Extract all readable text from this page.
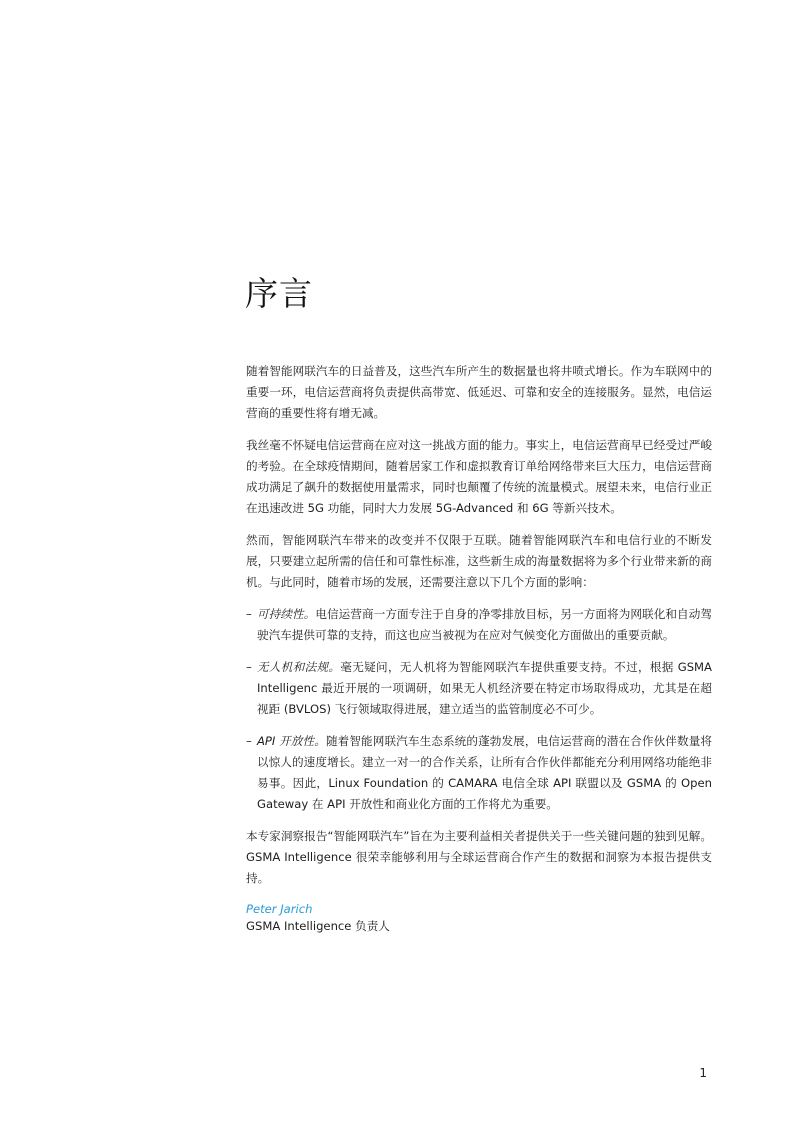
序言

随着智能网联汽车的日益普及，这些汽车所产生的数据量也将井喷式增长。作为车联网中的重要一环，电信运营商将负责提供高带宽、低延迟、可靠和安全的连接服务。显然，电信运营商的重要性将有增无减。

我丝毫不怀疑电信运营商在应对这一挑战方面的能力。事实上，电信运营商早已经受过严峻的考验。在全球疫情期间，随着居家工作和虚拟教育订单给网络带来巨大压力，电信运营商成功满足了飙升的数据使用量需求，同时也颠覆了传统的流量模式。展望未来，电信行业正在迅速改进 5G 功能，同时大力发展 5G-Advanced 和 6G 等新兴技术。

然而，智能网联汽车带来的改变并不仅限于互联。随着智能网联汽车和电信行业的不断发展，只要建立起所需的信任和可靠性标准，这些新生成的海量数据将为多个行业带来新的商机。与此同时，随着市场的发展，还需要注意以下几个方面的影响：

– 可持续性。电信运营商一方面专注于自身的净零排放目标，另一方面将为网联化和自动驾驶汽车提供可靠的支持，而这也应当被视为在应对气候变化方面做出的重要贡献。
– 无人机和法规。毫无疑问，无人机将为智能网联汽车提供重要支持。不过，根据 GSMA Intelligenc 最近开展的一项调研，如果无人机经济要在特定市场取得成功，尤其是在超视距 (BVLOS) 飞行领域取得进展，建立适当的监管制度必不可少。
– API 开放性。随着智能网联汽车生态系统的蓬勃发展，电信运营商的潜在合作伙伴数量将以惊人的速度增长。建立一对一的合作关系，让所有合作伙伴都能充分利用网络功能绝非易事。因此，Linux Foundation 的 CAMARA 电信全球 API 联盟以及 GSMA 的 Open Gateway 在 API 开放性和商业化方面的工作将尤为重要。

本专家洞察报告“智能网联汽车”旨在为主要利益相关者提供关于一些关键问题的独到见解。GSMA Intelligence 很荣幸能够利用与全球运营商合作产生的数据和洞察为本报告提供支持。

Peter Jarich
GSMA Intelligence 负责人
1
